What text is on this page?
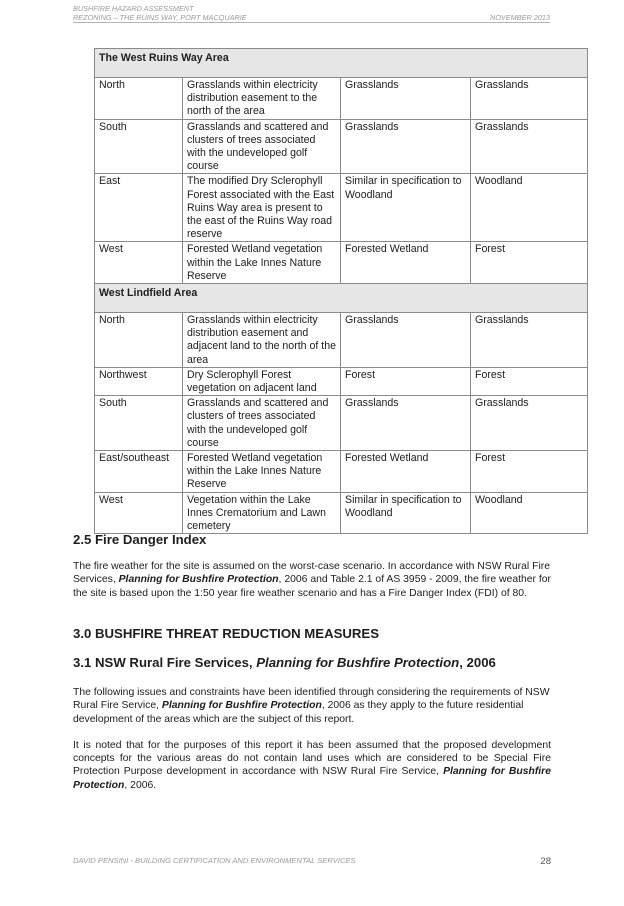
BUSHFIRE HAZARD ASSESSMENT
REZONING – THE RUINS WAY, PORT MACQUARIE	NOVEMBER 2013
The West Ruins Way Area			
North	Grasslands within electricity distribution easement to the north of the area	Grasslands	Grasslands
South	Grasslands and scattered and clusters of trees associated with the undeveloped golf course	Grasslands	Grasslands
East	The modified Dry Sclerophyll Forest associated with the East Ruins Way area is present to the east of the Ruins Way road reserve	Similar in specification to Woodland	Woodland
West	Forested Wetland vegetation within the Lake Innes Nature Reserve	Forested Wetland	Forest
West Lindfield Area			
North	Grasslands within electricity distribution easement and adjacent land to the north of the area	Grasslands	Grasslands
Northwest	Dry Sclerophyll Forest vegetation on adjacent land	Forest	Forest
South	Grasslands and scattered and clusters of trees associated with the undeveloped golf course	Grasslands	Grasslands
East/southeast	Forested Wetland vegetation within the Lake Innes Nature Reserve	Forested Wetland	Forest
West	Vegetation within the Lake Innes Crematorium and Lawn cemetery	Similar in specification to Woodland	Woodland
2.5 Fire Danger Index

The fire weather for the site is assumed on the worst-case scenario. In accordance with NSW Rural Fire Services, Planning for Bushfire Protection, 2006 and Table 2.1 of AS 3959 - 2009, the fire weather for the site is based upon the 1:50 year fire weather scenario and has a Fire Danger Index (FDI) of 80.

3.0 BUSHFIRE THREAT REDUCTION MEASURES
3.1 NSW Rural Fire Services, Planning for Bushfire Protection, 2006

The following issues and constraints have been identified through considering the requirements of NSW Rural Fire Service, Planning for Bushfire Protection, 2006 as they apply to the future residential development of the areas which are the subject of this report.

It is noted that for the purposes of this report it has been assumed that the proposed development concepts for the various areas do not contain land uses which are considered to be Special Fire Protection Purpose development in accordance with NSW Rural Fire Service, Planning for Bushfire Protection, 2006.

DAVID PENSINI - BUILDING CERTIFICATION AND ENVIRONMENTAL SERVICES	28
